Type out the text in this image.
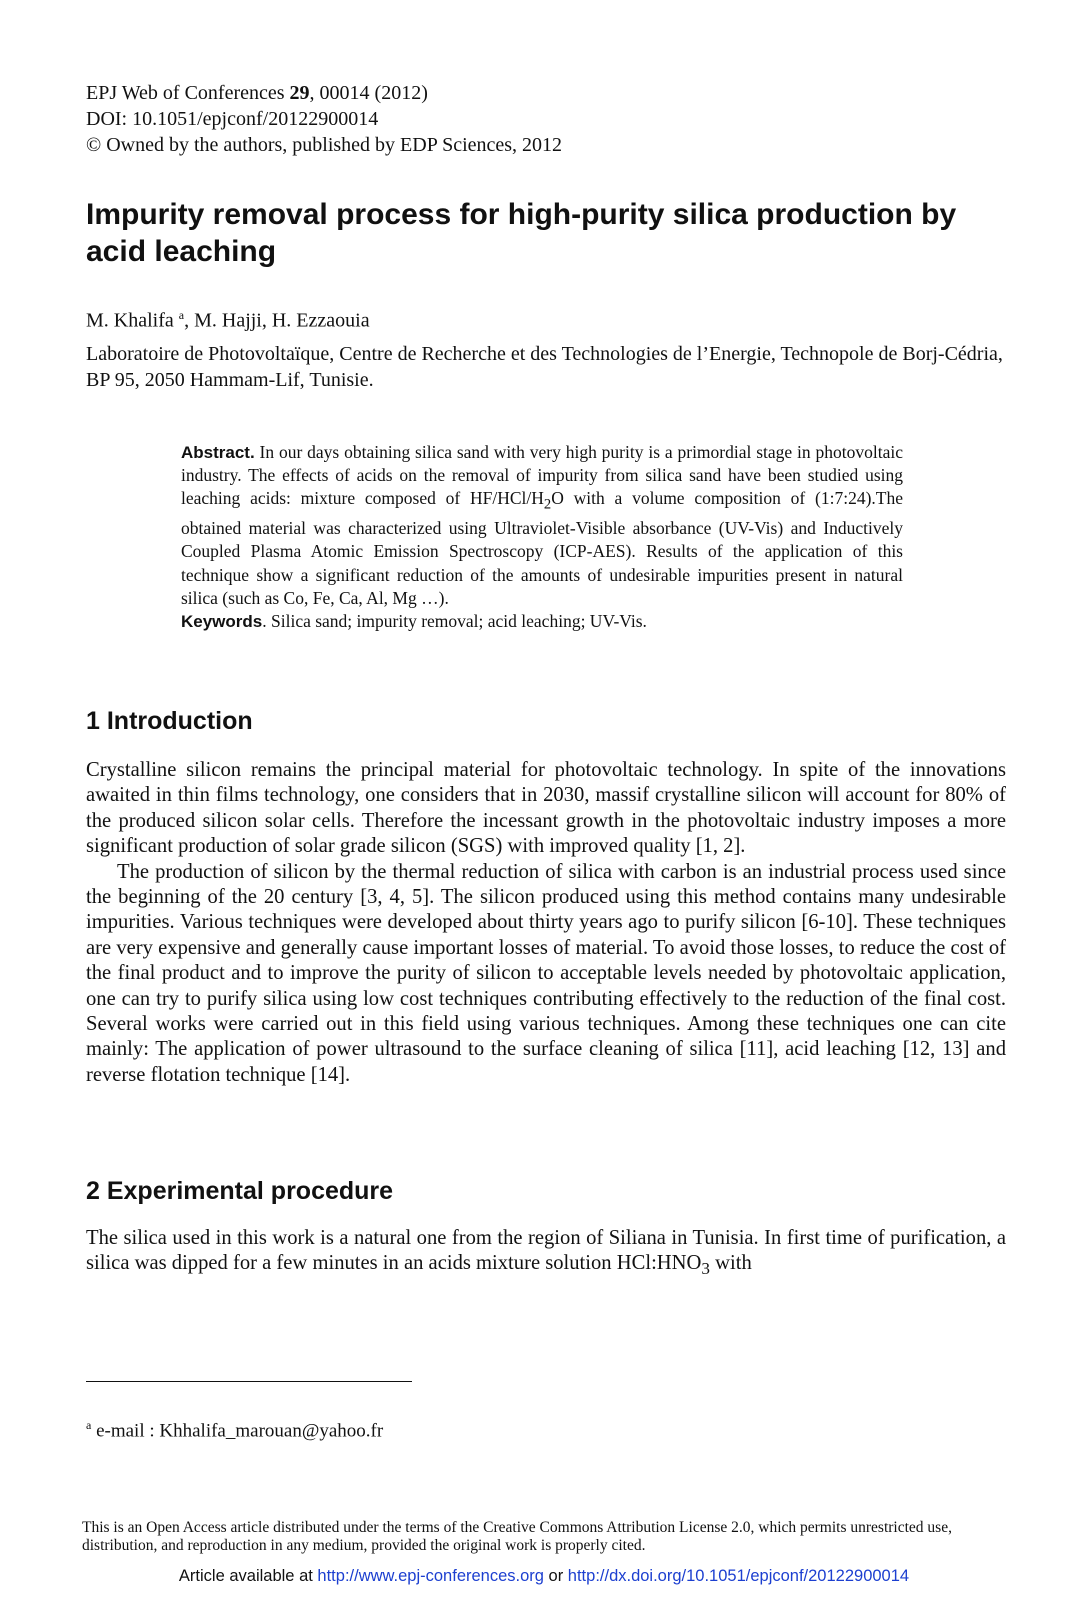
EPJ Web of Conferences 29, 00014 (2012)
DOI: 10.1051/epjconf/20122900014
© Owned by the authors, published by EDP Sciences, 2012
Impurity removal process for high-purity silica production by acid leaching
M. Khalifa $^a$, M. Hajji, H. Ezzaouia
Laboratoire de Photovoltaïque, Centre de Recherche et des Technologies de l’Energie, Technopole de Borj-Cédria, BP 95, 2050 Hammam-Lif, Tunisie.

Abstract. In our days obtaining silica sand with very high purity is a primordial stage in photovoltaic industry. The effects of acids on the removal of impurity from silica sand have been studied using leaching acids: mixture composed of $HF/HCl/H_2O$ with a volume composition of (1:7:24).The obtained material was characterized using Ultraviolet-Visible absorbance (UV-Vis) and Inductively Coupled Plasma Atomic Emission Spectroscopy (ICP-AES). Results of the application of this technique show a significant reduction of the amounts of undesirable impurities present in natural silica (such as Co, Fe, Ca, Al, Mg …).

Keywords. Silica sand; impurity removal; acid leaching; UV-Vis.

1 Introduction

Crystalline silicon remains the principal material for photovoltaic technology. In spite of the innovations awaited in thin films technology, one considers that in 2030, massif crystalline silicon will account for 80% of the produced silicon solar cells. Therefore the incessant growth in the photovoltaic industry imposes a more significant production of solar grade silicon (SGS) with improved quality [1, 2].

The production of silicon by the thermal reduction of silica with carbon is an industrial process used since the beginning of the 20 century [3, 4, 5]. The silicon produced using this method contains many undesirable impurities. Various techniques were developed about thirty years ago to purify silicon [6-10]. These techniques are very expensive and generally cause important losses of material. To avoid those losses, to reduce the cost of the final product and to improve the purity of silicon to acceptable levels needed by photovoltaic application, one can try to purify silica using low cost techniques contributing effectively to the reduction of the final cost. Several works were carried out in this field using various techniques. Among these techniques one can cite mainly: The application of power ultrasound to the surface cleaning of silica [11], acid leaching [12, 13] and reverse flotation technique [14].

2 Experimental procedure

The silica used in this work is a natural one from the region of Siliana in Tunisia. In first time of purification, a silica was dipped for a few minutes in an acids mixture solution $HCl:HNO_3$ with

$^a$ e-mail : Khhalifa_marouan@yahoo.fr
This is an Open Access article distributed under the terms of the Creative Commons Attribution License 2.0, which permits unrestricted use, distribution, and reproduction in any medium, provided the original work is properly cited.
Article available at http://www.epj-conferences.org or http://dx.doi.org/10.1051/epjconf/20122900014
